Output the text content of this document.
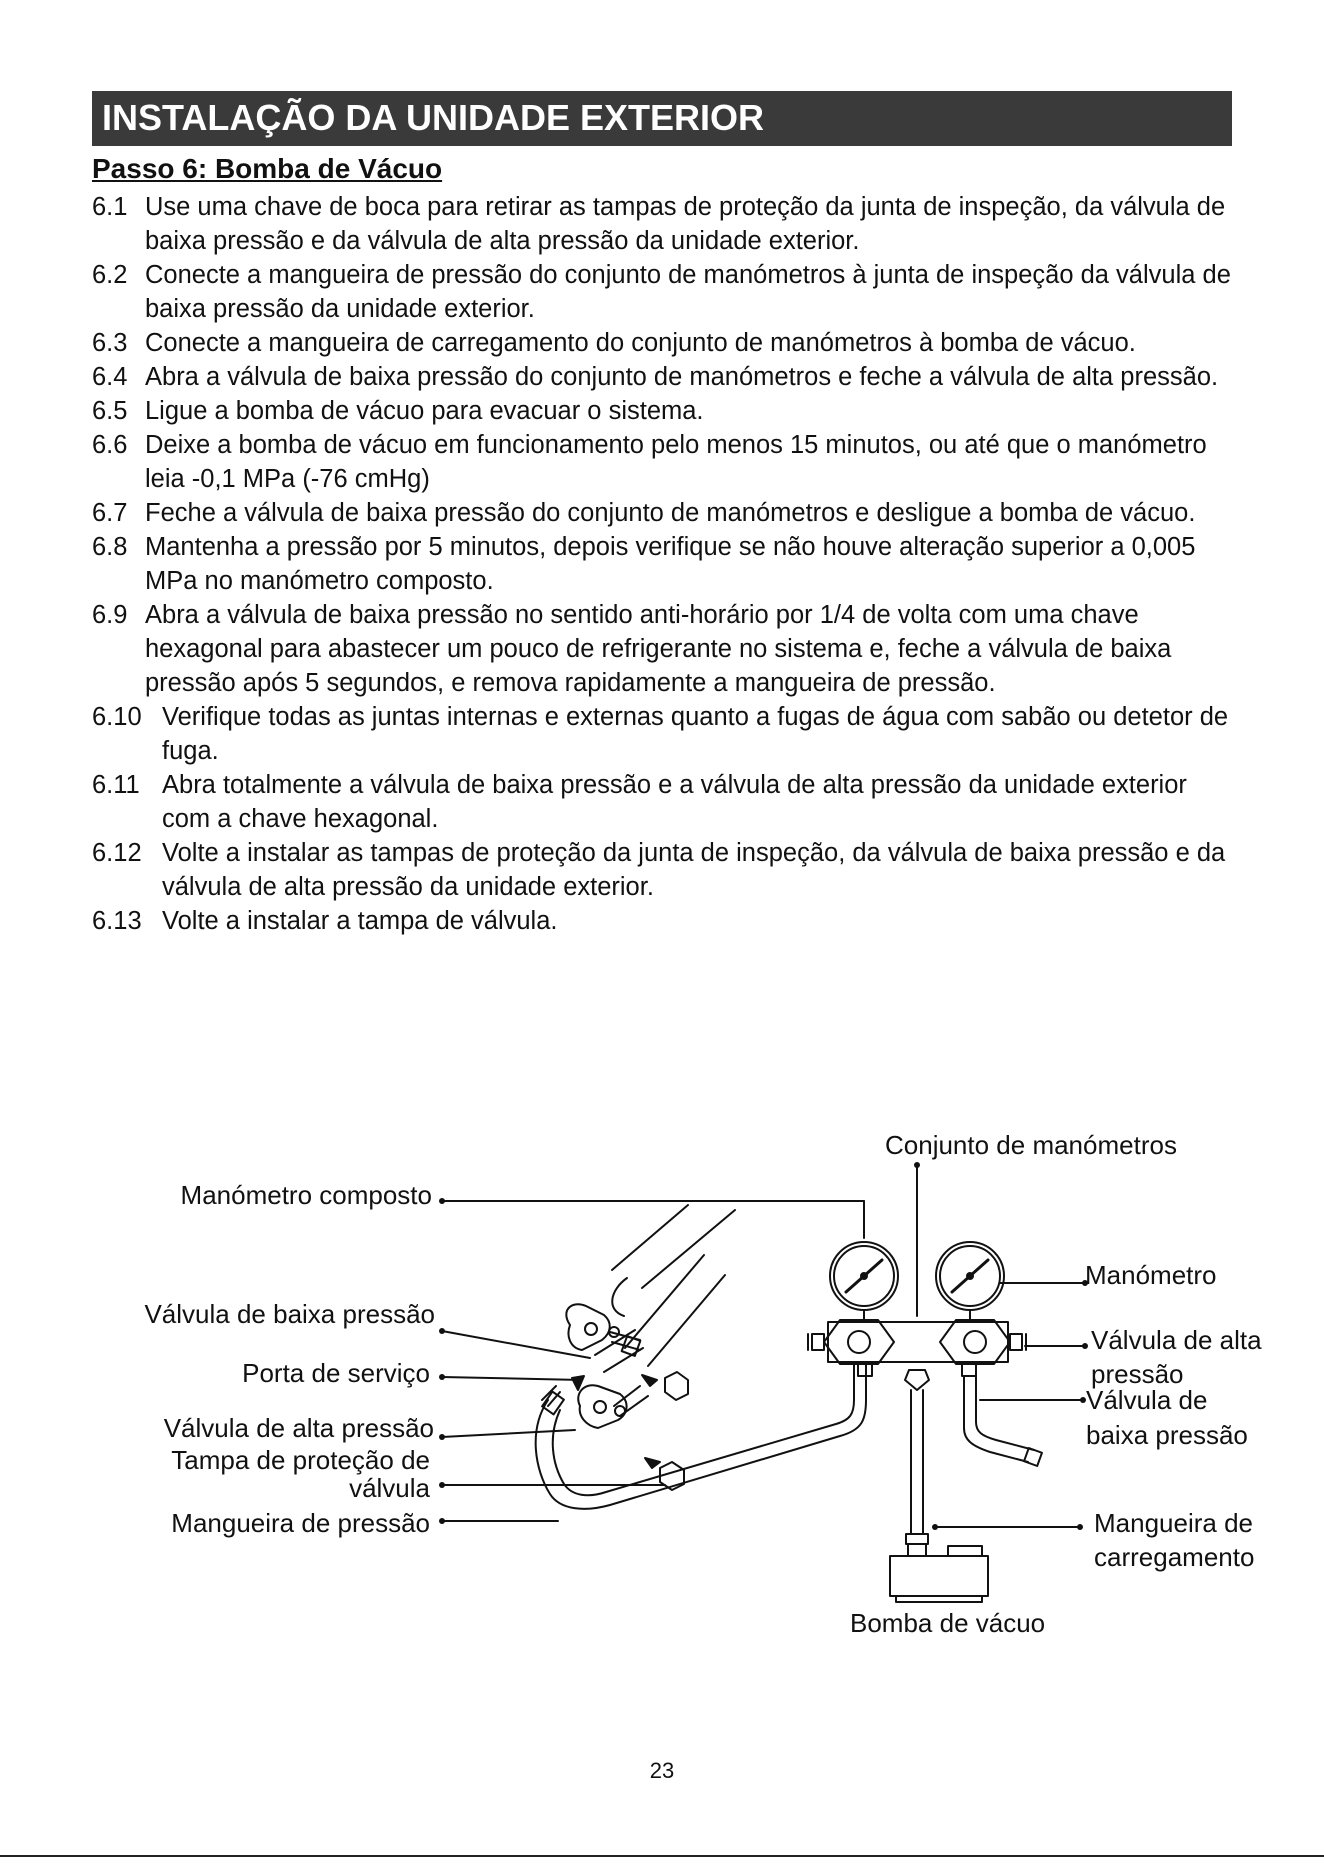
INSTALAÇÃO DA UNIDADE EXTERIOR
Passo 6: Bomba de Vácuo
6.1 Use uma chave de boca para retirar as tampas de proteção da junta de inspeção, da válvula de baixa pressão e da válvula de alta pressão da unidade exterior.
6.2 Conecte a mangueira de pressão do conjunto de manómetros à junta de inspeção da válvula de baixa pressão da unidade exterior.
6.3 Conecte a mangueira de carregamento do conjunto de manómetros à bomba de vácuo.
6.4 Abra a válvula de baixa pressão do conjunto de manómetros e feche a válvula de alta pressão.
6.5 Ligue a bomba de vácuo para evacuar o sistema.
6.6 Deixe a bomba de vácuo em funcionamento pelo menos 15 minutos, ou até que o manómetro leia -0,1 MPa (-76 cmHg)
6.7 Feche a válvula de baixa pressão do conjunto de manómetros e desligue a bomba de vácuo.
6.8 Mantenha a pressão por 5 minutos, depois verifique se não houve alteração superior a 0,005 MPa no manómetro composto.
6.9 Abra a válvula de baixa pressão no sentido anti-horário por 1/4 de volta com uma chave hexagonal para abastecer um pouco de refrigerante no sistema e, feche a válvula de baixa pressão após 5 segundos, e remova rapidamente a mangueira de pressão.
6.10 Verifique todas as juntas internas e externas quanto a fugas de água com sabão ou detetor de fuga.
6.11 Abra totalmente a válvula de baixa pressão e a válvula de alta pressão da unidade exterior com a chave hexagonal.
6.12 Volte a instalar as tampas de proteção da junta de inspeção, da válvula de baixa pressão e da válvula de alta pressão da unidade exterior.
6.13 Volte a instalar a tampa de válvula.
Conjunto de manómetros
Manómetro composto
Manómetro
Válvula de baixa pressão
Válvula de alta
pressão
Porta de serviço
Válvula de
baixa pressão
Válvula de alta pressão
Tampa de proteção de
válvula
Mangueira de pressão	Mangueira de
carregamento
Bomba de vácuo
23
